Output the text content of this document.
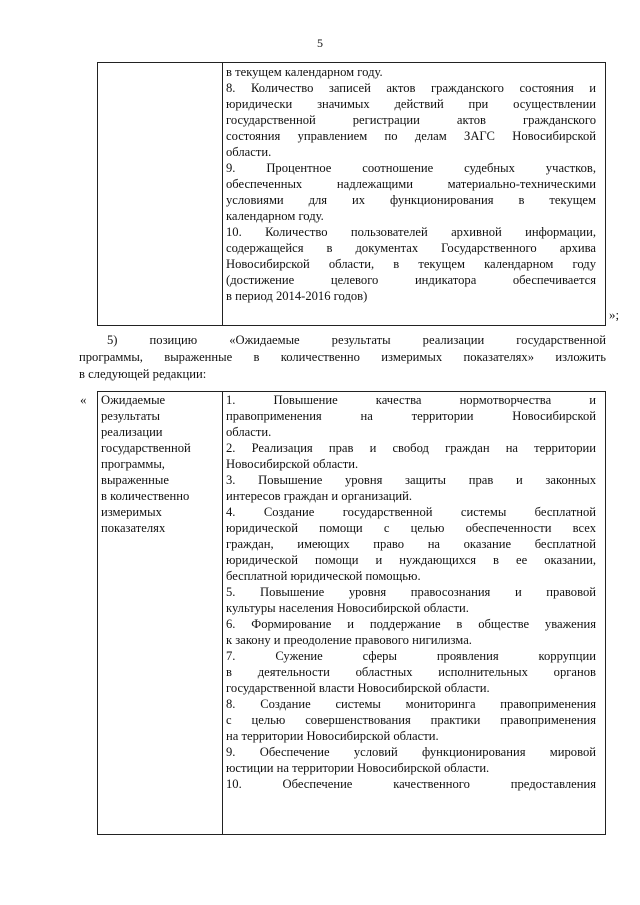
5
в текущем календарном году.
8. Количество записей актов гражданского состояния и
юридически значимых действий при осуществлении
государственной регистрации актов гражданского
состояния управлением по делам ЗАГС Новосибирской
области.
9. Процентное соотношение судебных участков,
обеспеченных надлежащими материально-техническими
условиями для их функционирования в текущем
календарном году.
10. Количество пользователей архивной информации,
содержащейся в документах Государственного архива
Новосибирской области, в текущем календарном году
(достижение целевого индикатора обеспечивается
в период 2014-2016 годов)
»;
5) позицию «Ожидаемые результаты реализации государственной
программы, выраженные в количественно измеримых показателях» изложить
в следующей редакции:
« Ожидаемые
результаты
реализации
государственной
программы,
выраженные
в количественно
измеримых
показателях
1. Повышение качества нормотворчества и
правоприменения на территории Новосибирской
области.
2. Реализация прав и свобод граждан на территории
Новосибирской области.
3. Повышение уровня защиты прав и законных
интересов граждан и организаций.
4. Создание государственной системы бесплатной
юридической помощи с целью обеспеченности всех
граждан, имеющих право на оказание бесплатной
юридической помощи и нуждающихся в ее оказании,
бесплатной юридической помощью.
5. Повышение уровня правосознания и правовой
культуры населения Новосибирской области.
6. Формирование и поддержание в обществе уважения
к закону и преодоление правового нигилизма.
7. Сужение сферы проявления коррупции
в деятельности областных исполнительных органов
государственной власти Новосибирской области.
8. Создание системы мониторинга правоприменения
с целью совершенствования практики правоприменения
на территории Новосибирской области.
9. Обеспечение условий функционирования мировой
юстиции на территории Новосибирской области.
10. Обеспечение качественного предоставления
